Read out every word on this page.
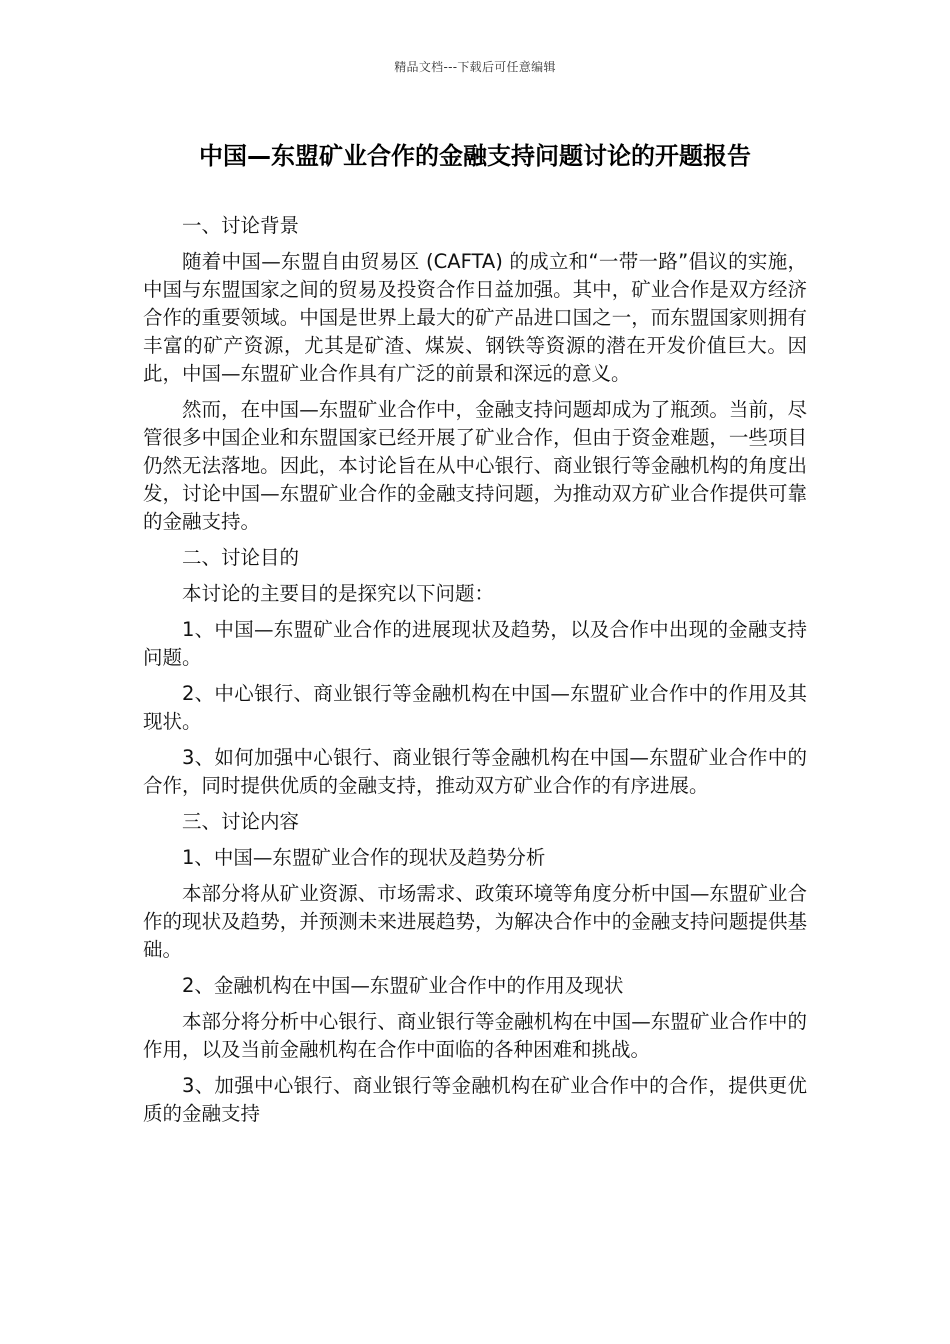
精品文档---下载后可任意编辑
中国—东盟矿业合作的金融支持问题讨论的开题报告

一、讨论背景

随着中国—东盟自由贸易区 (CAFTA) 的成立和“一带一路”倡议的实施，中国与东盟国家之间的贸易及投资合作日益加强。其中，矿业合作是双方经济合作的重要领域。中国是世界上最大的矿产品进口国之一，而东盟国家则拥有丰富的矿产资源，尤其是矿渣、煤炭、钢铁等资源的潜在开发价值巨大。因此，中国—东盟矿业合作具有广泛的前景和深远的意义。

然而，在中国—东盟矿业合作中，金融支持问题却成为了瓶颈。当前，尽管很多中国企业和东盟国家已经开展了矿业合作，但由于资金难题，一些项目仍然无法落地。因此，本讨论旨在从中心银行、商业银行等金融机构的角度出发，讨论中国—东盟矿业合作的金融支持问题，为推动双方矿业合作提供可靠的金融支持。

二、讨论目的

本讨论的主要目的是探究以下问题：

1、中国—东盟矿业合作的进展现状及趋势，以及合作中出现的金融支持问题。

2、中心银行、商业银行等金融机构在中国—东盟矿业合作中的作用及其现状。

3、如何加强中心银行、商业银行等金融机构在中国—东盟矿业合作中的合作，同时提供优质的金融支持，推动双方矿业合作的有序进展。

三、讨论内容

1、中国—东盟矿业合作的现状及趋势分析

本部分将从矿业资源、市场需求、政策环境等角度分析中国—东盟矿业合作的现状及趋势，并预测未来进展趋势，为解决合作中的金融支持问题提供基础。

2、金融机构在中国—东盟矿业合作中的作用及现状

本部分将分析中心银行、商业银行等金融机构在中国—东盟矿业合作中的作用，以及当前金融机构在合作中面临的各种困难和挑战。

3、加强中心银行、商业银行等金融机构在矿业合作中的合作，提供更优质的金融支持
